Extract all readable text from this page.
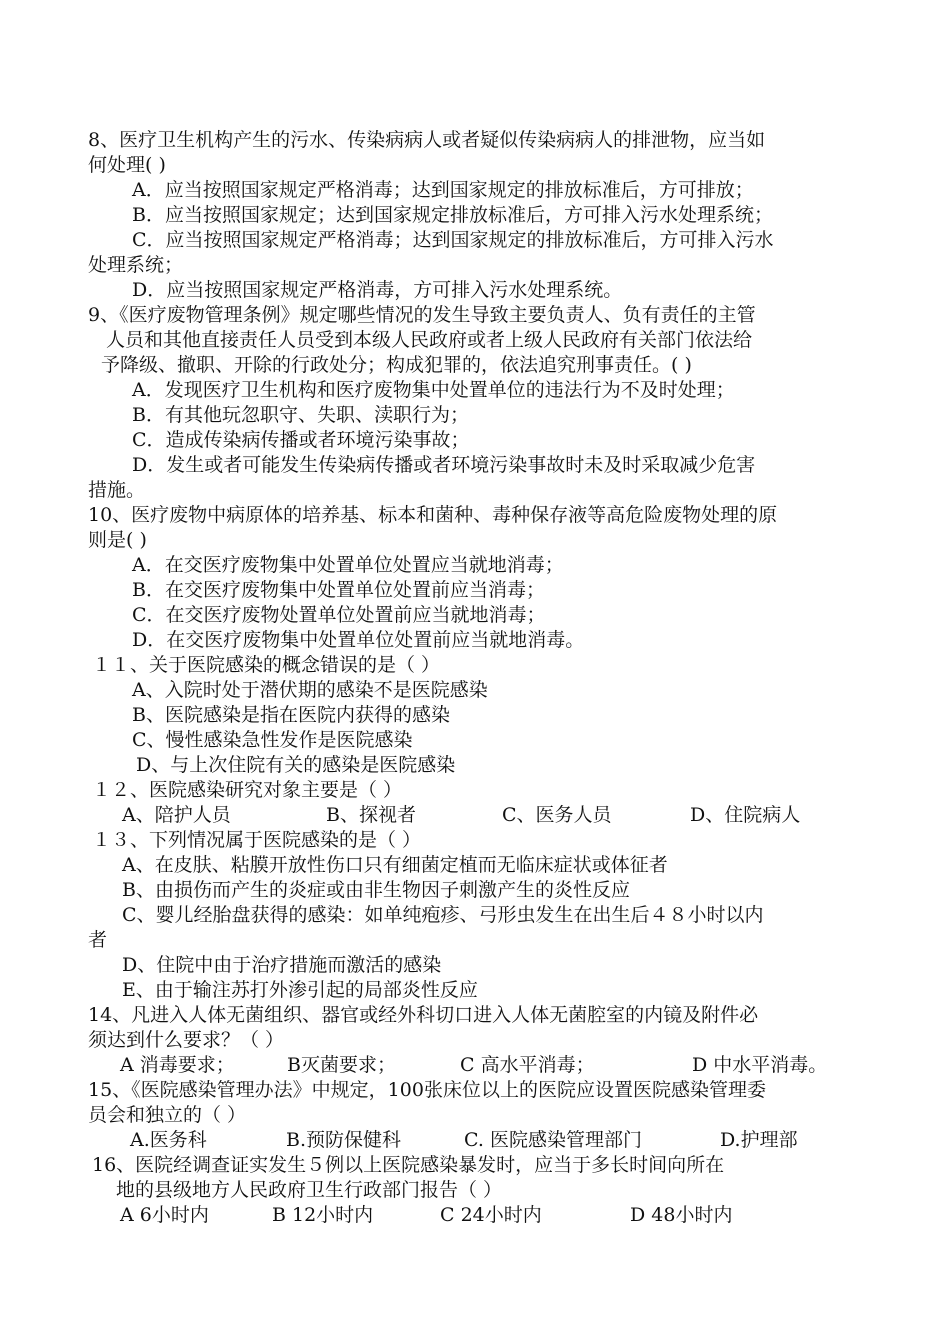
8、医疗卫生机构产生的污水、传染病病人或者疑似传染病病人的排泄物，应当如
何处理( )
A．应当按照国家规定严格消毒；达到国家规定的排放标准后，方可排放；
B．应当按照国家规定；达到国家规定排放标准后，方可排入污水处理系统；
C．应当按照国家规定严格消毒；达到国家规定的排放标准后，方可排入污水
处理系统；
D．应当按照国家规定严格消毒，方可排入污水处理系统。
9、《医疗废物管理条例》规定哪些情况的发生导致主要负责人、负有责任的主管
人员和其他直接责任人员受到本级人民政府或者上级人民政府有关部门依法给
予降级、撤职、开除的行政处分；构成犯罪的，依法追究刑事责任。( )
A．发现医疗卫生机构和医疗废物集中处置单位的违法行为不及时处理；
B．有其他玩忽职守、失职、渎职行为；
C．造成传染病传播或者环境污染事故；
D．发生或者可能发生传染病传播或者环境污染事故时未及时采取减少危害
措施。
10、医疗废物中病原体的培养基、标本和菌种、毒种保存液等高危险废物处理的原
则是( )
A．在交医疗废物集中处置单位处置应当就地消毒；
B．在交医疗废物集中处置单位处置前应当消毒；
C．在交医疗废物处置单位处置前应当就地消毒；
D．在交医疗废物集中处置单位处置前应当就地消毒。
１１、关于医院感染的概念错误的是（ ）
A、入院时处于潜伏期的感染不是医院感染
B、医院感染是指在医院内获得的感染
C、慢性感染急性发作是医院感染
D、与上次住院有关的感染是医院感染
１２、医院感染研究对象主要是（ ）
A、陪护人员	B、探视者	C、医务人员	D、住院病人
１３、下列情况属于医院感染的是（ ）
A、在皮肤、粘膜开放性伤口只有细菌定植而无临床症状或体征者
B、由损伤而产生的炎症或由非生物因子刺激产生的炎性反应
C、婴儿经胎盘获得的感染：如单纯疱疹、弓形虫发生在出生后４８小时以内
者
D、住院中由于治疗措施而激活的感染
E、由于输注苏打外渗引起的局部炎性反应
14、凡进入人体无菌组织、器官或经外科切口进入人体无菌腔室的内镜及附件必
须达到什么要求？（ ）
A 消毒要求；	B灭菌要求；	C 高水平消毒；	D 中水平消毒。
15、《医院感染管理办法》中规定，100张床位以上的医院应设置医院感染管理委
员会和独立的（ ）
A.医务科	B.预防保健科	C. 医院感染管理部门	D.护理部
16、医院经调查证实发生５例以上医院感染暴发时，应当于多长时间向所在
地的县级地方人民政府卫生行政部门报告（ ）
A 6小时内	B 12小时内	C 24小时内	D 48小时内
